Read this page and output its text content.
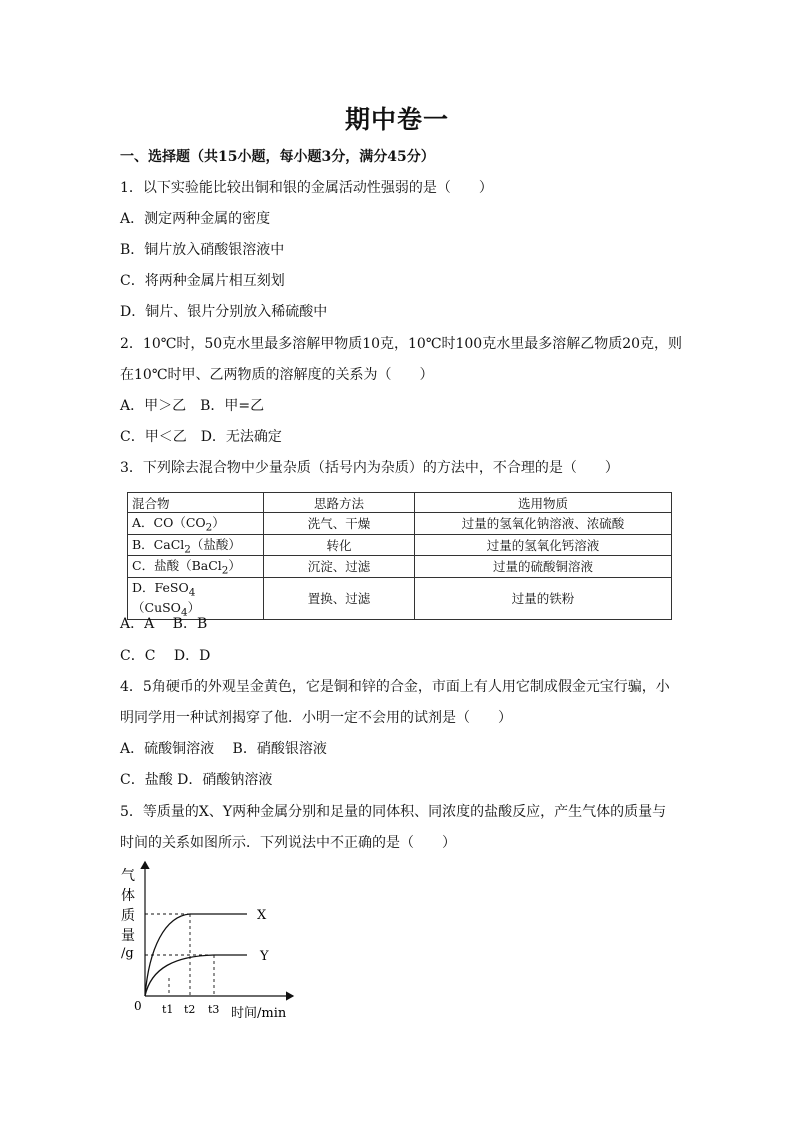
期中卷一
一、选择题（共15小题，每小题3分，满分45分）
1．以下实验能比较出铜和银的金属活动性强弱的是（　　）
A．测定两种金属的密度
B．铜片放入硝酸银溶液中
C．将两种金属片相互刻划
D．铜片、银片分别放入稀硫酸中
2．10℃时，50克水里最多溶解甲物质10克，10℃时100克水里最多溶解乙物质20克，则
在10℃时甲、乙两物质的溶解度的关系为（　　）
A．甲＞乙　B．甲=乙
C．甲＜乙　D．无法确定
3．下列除去混合物中少量杂质（括号内为杂质）的方法中，不合理的是（　　）
混合物	思路方法	选用物质
A．$CO(CO_2)$	洗气、干燥	过量的氢氧化钠溶液、浓硫酸
B．CaCl$_2$（盐酸）	转化	过量的氢氧化钙溶液
C．盐酸（BaCl$_2$）	沉淀、过滤	过量的硫酸铜溶液
D．FeSO$_4$（CuSO$_4$）	置换、过滤	过量的铁粉
A．A　 B．B
C．C　 D．D
4．5角硬币的外观呈金黄色，它是铜和锌的合金，市面上有人用它制成假金元宝行骗，小
明同学用一种试剂揭穿了他．小明一定不会用的试剂是（　　）
A．硫酸铜溶液　 B．硝酸银溶液
C．盐酸 D．硝酸钠溶液
5．等质量的X、Y两种金属分别和足量的同体积、同浓度的盐酸反应，产生气体的质量与
时间的关系如图所示．下列说法中不正确的是（　　）
气
体
质
量
/g
0 t1 t2 t3 时间/min
X
Y
